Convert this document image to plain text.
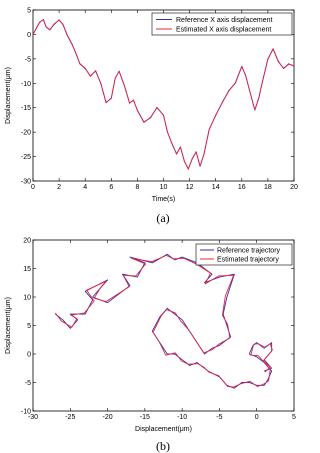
0	2	4	6	8	10	12	14	16	18	20
5
0
-5
-10
-15
-20
-25
-30
Time(s)
Displacement(μm)
Reference X axis displacement
Estimated X axis displacement
(a)
-30	-25	-20	-15	-10	-5	0	5
20
15
10
5
0
-5
-10
Displacement(μm)
Displacement(μm)
Reference trajectory
Estimated trajectory
(b)
